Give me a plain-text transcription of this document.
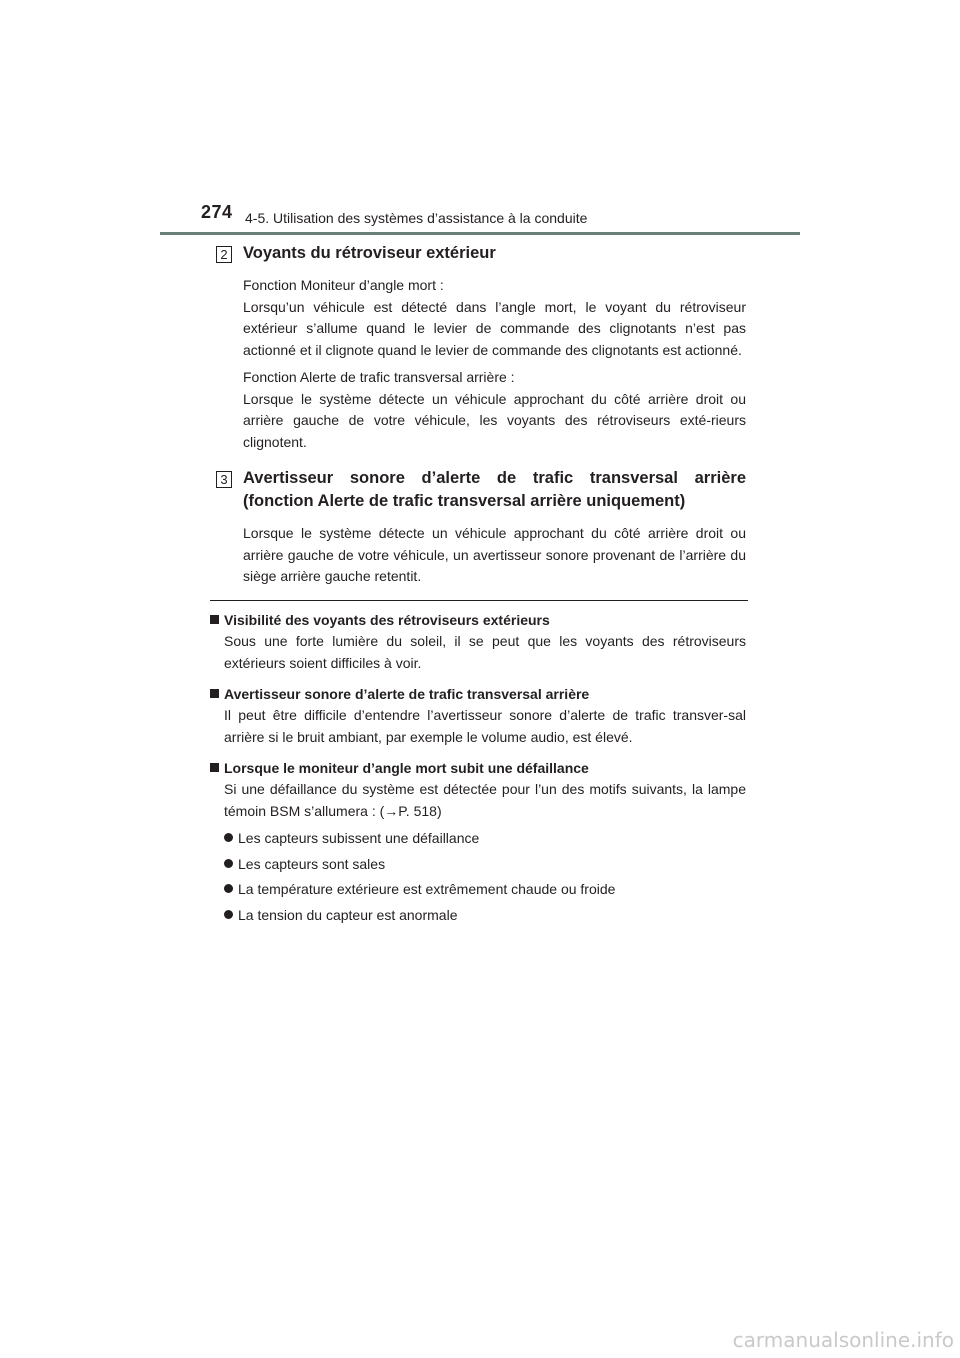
274 4-5. Utilisation des systèmes d’assistance à la conduite
2 Voyants du rétroviseur extérieur

Fonction Moniteur d’angle mort :

Lorsqu’un véhicule est détecté dans l’angle mort, le voyant du rétroviseur extérieur s’allume quand le levier de commande des clignotants n’est pas actionné et il clignote quand le levier de commande des clignotants est actionné.

Fonction Alerte de trafic transversal arrière :

Lorsque le système détecte un véhicule approchant du côté arrière droit ou arrière gauche de votre véhicule, les voyants des rétroviseurs exté-rieurs clignotent.

3 Avertisseur sonore d’alerte de trafic transversal arrière (fonction Alerte de trafic transversal arrière uniquement)

Lorsque le système détecte un véhicule approchant du côté arrière droit ou arrière gauche de votre véhicule, un avertisseur sonore provenant de l’arrière du siège arrière gauche retentit.

Visibilité des voyants des rétroviseurs extérieurs
Sous une forte lumière du soleil, il se peut que les voyants des rétroviseurs extérieurs soient difficiles à voir.
Avertisseur sonore d’alerte de trafic transversal arrière
Il peut être difficile d’entendre l’avertisseur sonore d’alerte de trafic transver-sal arrière si le bruit ambiant, par exemple le volume audio, est élevé.
Lorsque le moniteur d’angle mort subit une défaillance
Si une défaillance du système est détectée pour l’un des motifs suivants, la lampe témoin BSM s’allumera : (→P. 518)
Les capteurs subissent une défaillance
Les capteurs sont sales
La température extérieure est extrêmement chaude ou froide
La tension du capteur est anormale
carmanualsonline.info
